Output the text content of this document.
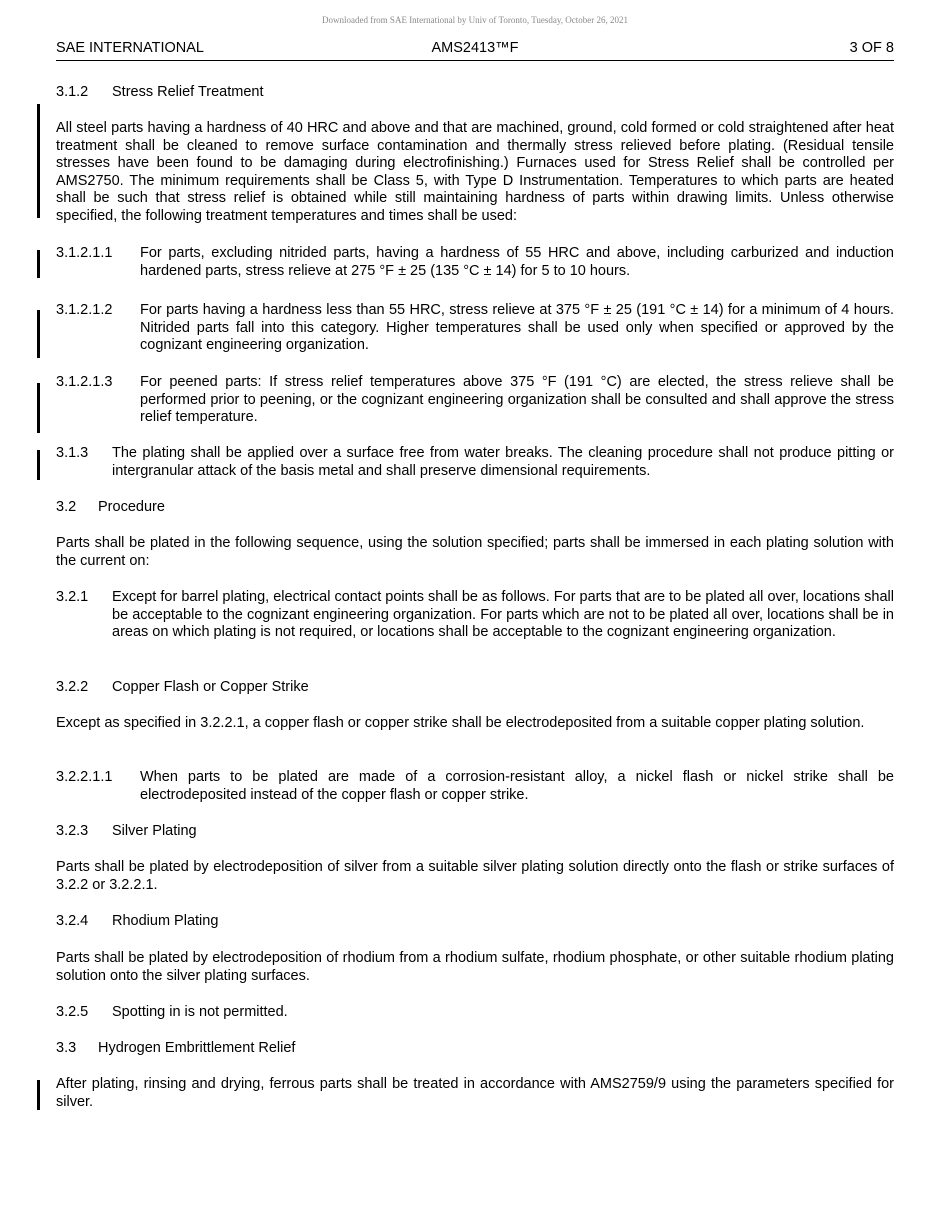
Downloaded from SAE International by Univ of Toronto, Tuesday, October 26, 2021
SAE INTERNATIONAL	AMS2413™F	3 OF 8
3.1.2 Stress Relief Treatment
All steel parts having a hardness of 40 HRC and above and that are machined, ground, cold formed or cold straightened after heat treatment shall be cleaned to remove surface contamination and thermally stress relieved before plating. (Residual tensile stresses have been found to be damaging during electrofinishing.) Furnaces used for Stress Relief shall be controlled per AMS2750. The minimum requirements shall be Class 5, with Type D Instrumentation. Temperatures to which parts are heated shall be such that stress relief is obtained while still maintaining hardness of parts within drawing limits. Unless otherwise specified, the following treatment temperatures and times shall be used:
3.1.2.1.1 For parts, excluding nitrided parts, having a hardness of 55 HRC and above, including carburized and induction hardened parts, stress relieve at 275 °F ± 25 (135 °C ± 14) for 5 to 10 hours.
3.1.2.1.2 For parts having a hardness less than 55 HRC, stress relieve at 375 °F ± 25 (191 °C ± 14) for a minimum of 4 hours. Nitrided parts fall into this category. Higher temperatures shall be used only when specified or approved by the cognizant engineering organization.
3.1.2.1.3 For peened parts: If stress relief temperatures above 375 °F (191 °C) are elected, the stress relieve shall be performed prior to peening, or the cognizant engineering organization shall be consulted and shall approve the stress relief temperature.
3.1.3 The plating shall be applied over a surface free from water breaks. The cleaning procedure shall not produce pitting or intergranular attack of the basis metal and shall preserve dimensional requirements.
3.2 Procedure
Parts shall be plated in the following sequence, using the solution specified; parts shall be immersed in each plating solution with the current on:
3.2.1 Except for barrel plating, electrical contact points shall be as follows. For parts that are to be plated all over, locations shall be acceptable to the cognizant engineering organization. For parts which are not to be plated all over, locations shall be in areas on which plating is not required, or locations shall be acceptable to the cognizant engineering organization.
3.2.2 Copper Flash or Copper Strike
Except as specified in 3.2.2.1, a copper flash or copper strike shall be electrodeposited from a suitable copper plating solution.
3.2.2.1.1 When parts to be plated are made of a corrosion-resistant alloy, a nickel flash or nickel strike shall be electrodeposited instead of the copper flash or copper strike.
3.2.3 Silver Plating
Parts shall be plated by electrodeposition of silver from a suitable silver plating solution directly onto the flash or strike surfaces of 3.2.2 or 3.2.2.1.
3.2.4 Rhodium Plating
Parts shall be plated by electrodeposition of rhodium from a rhodium sulfate, rhodium phosphate, or other suitable rhodium plating solution onto the silver plating surfaces.
3.2.5 Spotting in is not permitted.
3.3 Hydrogen Embrittlement Relief
After plating, rinsing and drying, ferrous parts shall be treated in accordance with AMS2759/9 using the parameters specified for silver.
